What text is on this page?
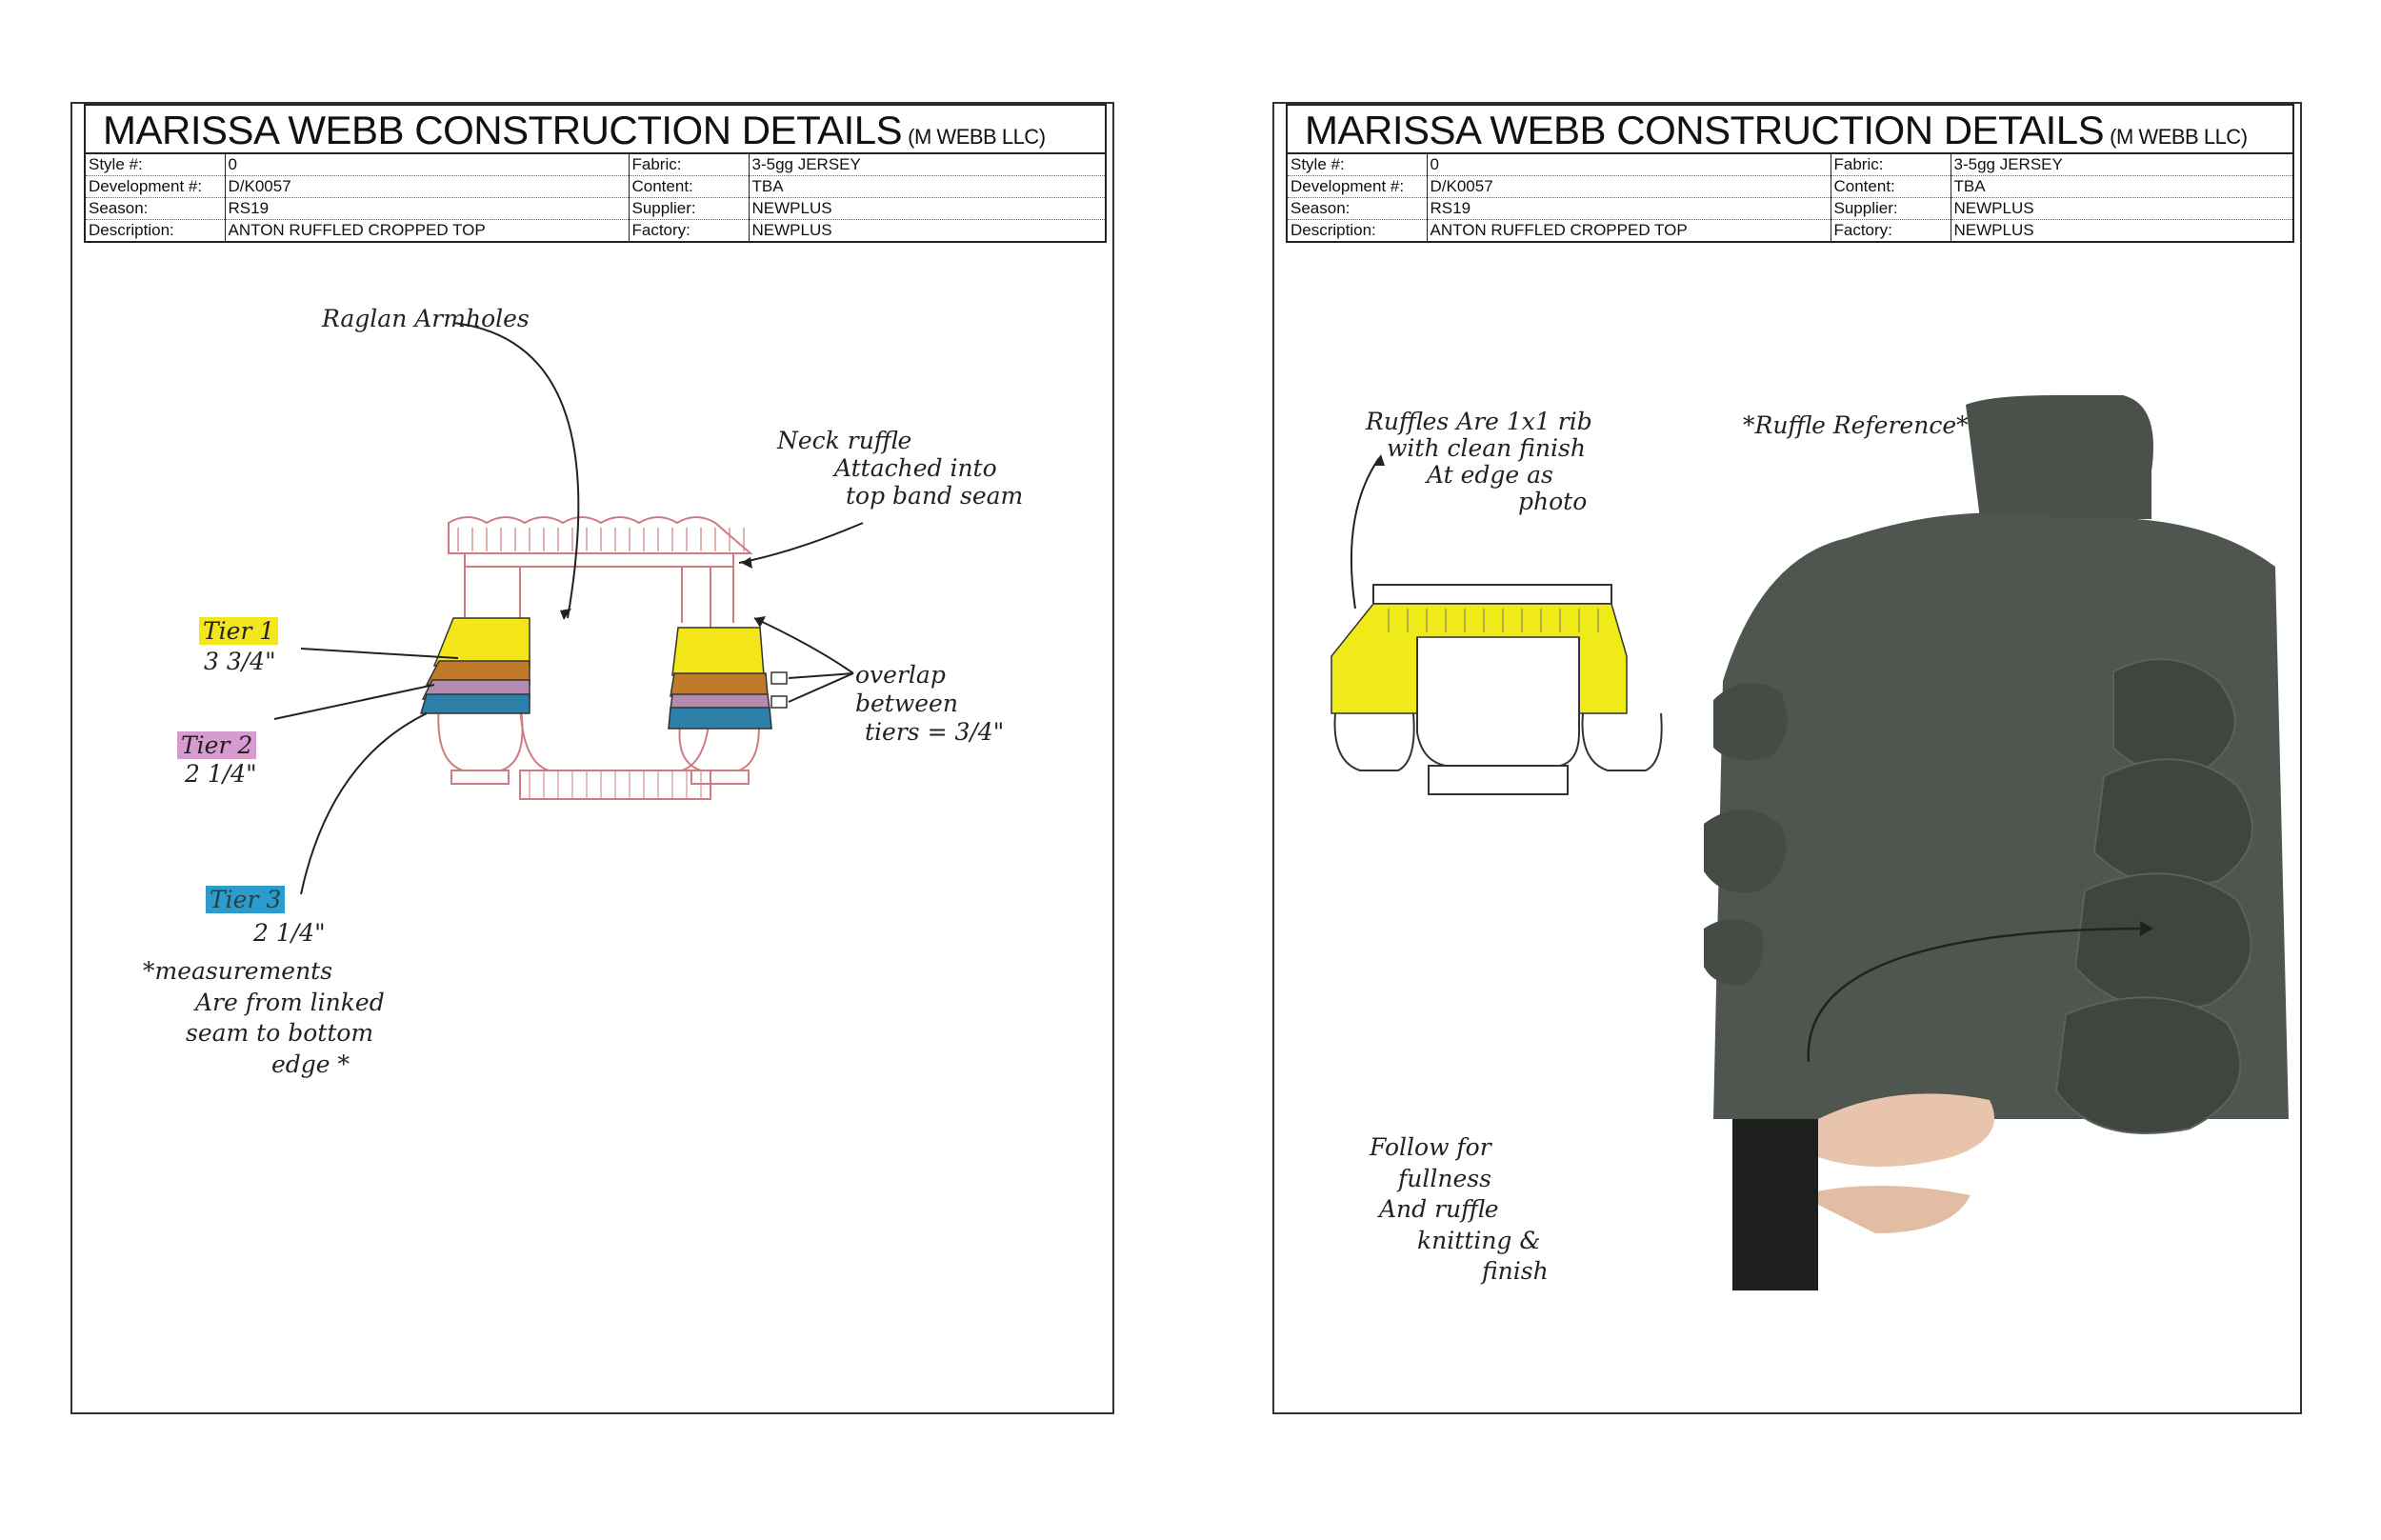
MARISSA WEBB CONSTRUCTION DETAILS (M WEBB LLC)
Style #:	0	Fabric:	3-5gg JERSEY
Development #:	D/K0057	Content:	TBA
Season:	RS19	Supplier:	NEWPLUS
Description:	ANTON RUFFLED CROPPED TOP	Factory:	NEWPLUS
Raglan Armholes
Neck ruffle
Attached into
top band seam
Tier 1
3 3/4"
Tier 2
2 1/4"
Tier 3
2 1/4"
overlap
between
tiers = 3/4"
*measurements
Are from linked
seam to bottom
edge *
MARISSA WEBB CONSTRUCTION DETAILS (M WEBB LLC)
Style #:	0	Fabric:	3-5gg JERSEY
Development #:	D/K0057	Content:	TBA
Season:	RS19	Supplier:	NEWPLUS
Description:	ANTON RUFFLED CROPPED TOP	Factory:	NEWPLUS
Ruffles Are 1x1 rib
with clean finish
At edge as
photo
*Ruffle Reference*
Follow for
fullness
And ruffle
knitting &
finish
